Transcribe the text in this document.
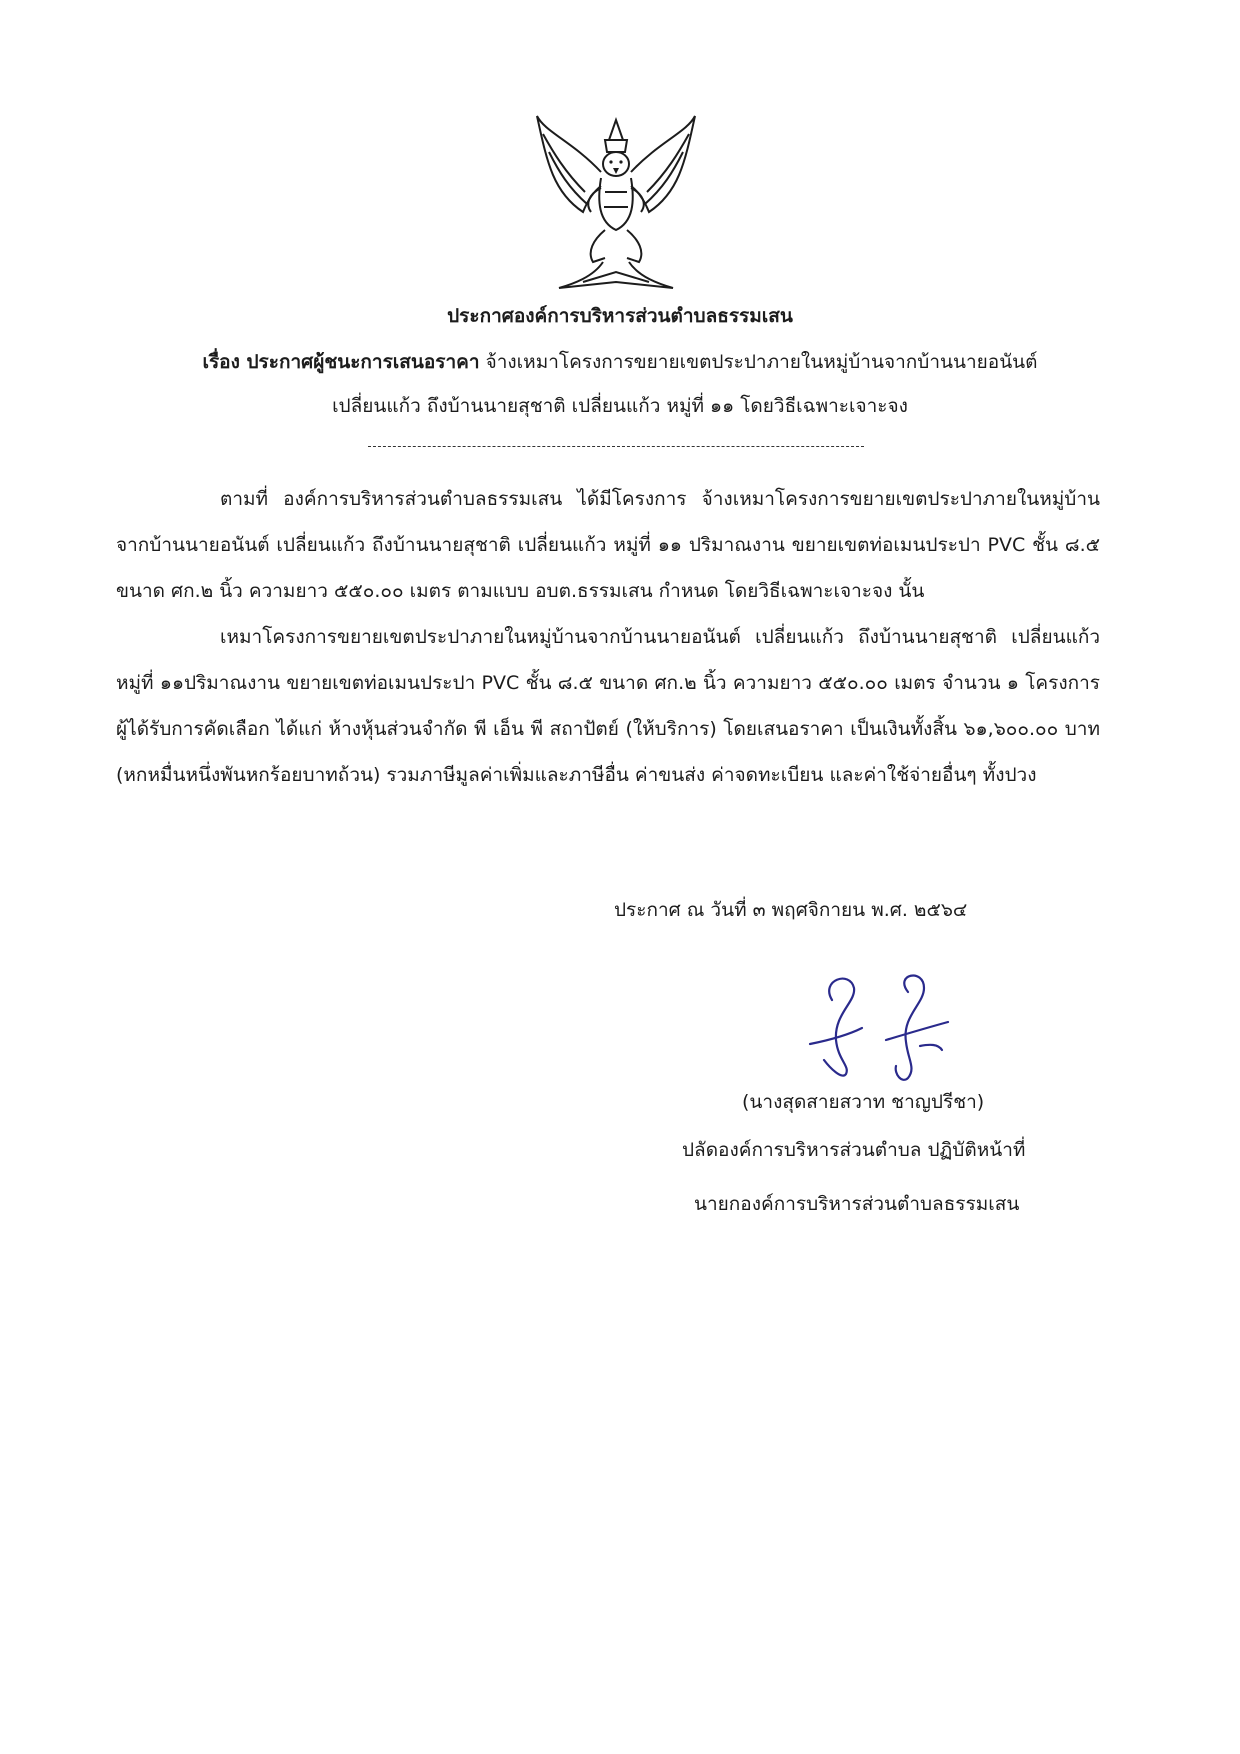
ประกาศองค์การบริหารส่วนตำบลธรรมเสน
เรื่อง ประกาศผู้ชนะการเสนอราคา จ้างเหมาโครงการขยายเขตประปาภายในหมู่บ้านจากบ้านนายอนันต์
เปลี่ยนแก้ว ถึงบ้านนายสุชาติ เปลี่ยนแก้ว หมู่ที่ ๑๑ โดยวิธีเฉพาะเจาะจง

ตามที่ องค์การบริหารส่วนตำบลธรรมเสน ได้มีโครงการ จ้างเหมาโครงการขยายเขตประปาภายในหมู่บ้านจากบ้านนายอนันต์ เปลี่ยนแก้ว ถึงบ้านนายสุชาติ เปลี่ยนแก้ว หมู่ที่ ๑๑ ปริมาณงาน ขยายเขตท่อเมนประปา PVC ชั้น ๘.๕ ขนาด ศก.๒ นิ้ว ความยาว ๕๕๐.๐๐ เมตร ตามแบบ อบต.ธรรมเสน กำหนด โดยวิธีเฉพาะเจาะจง นั้น

เหมาโครงการขยายเขตประปาภายในหมู่บ้านจากบ้านนายอนันต์ เปลี่ยนแก้ว ถึงบ้านนายสุชาติ เปลี่ยนแก้ว หมู่ที่ ๑๑ปริมาณงาน ขยายเขตท่อเมนประปา PVC ชั้น ๘.๕ ขนาด ศก.๒ นิ้ว ความยาว ๕๕๐.๐๐ เมตร จำนวน ๑ โครงการ ผู้ได้รับการคัดเลือก ได้แก่ ห้างหุ้นส่วนจำกัด พี เอ็น พี สถาปัตย์ (ให้บริการ) โดยเสนอราคา เป็นเงินทั้งสิ้น ๖๑,๖๐๐.๐๐ บาท (หกหมื่นหนึ่งพันหกร้อยบาทถ้วน) รวมภาษีมูลค่าเพิ่มและภาษีอื่น ค่าขนส่ง ค่าจดทะเบียน และค่าใช้จ่ายอื่นๆ ทั้งปวง

ประกาศ ณ วันที่ ๓ พฤศจิกายน พ.ศ. ๒๕๖๔
(นางสุดสายสวาท ชาญปรีชา)
ปลัดองค์การบริหารส่วนตำบล ปฏิบัติหน้าที่
นายกองค์การบริหารส่วนตำบลธรรมเสน
